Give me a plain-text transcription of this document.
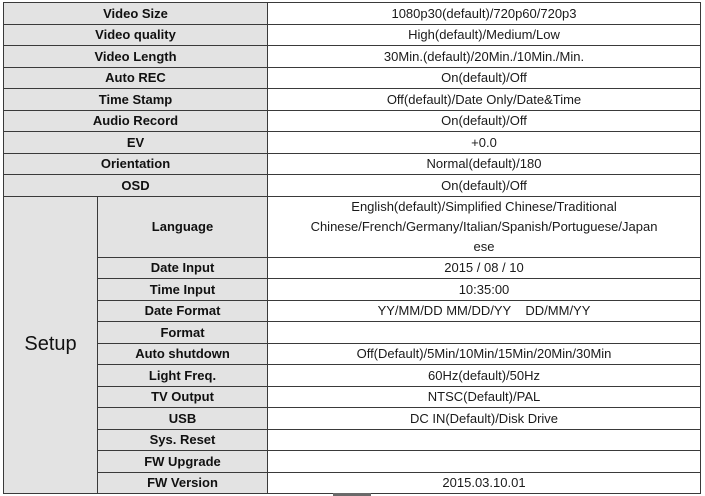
Video Size		1080p30(default)/720p60/720p3
Video quality		High(default)/Medium/Low
Video Length		30Min.(default)/20Min./10Min./Min.
Auto REC		On(default)/Off
Time Stamp		Off(default)/Date Only/Date&Time
Audio Record		On(default)/Off
EV		+0.0
Orientation		Normal(default)/180
OSD		On(default)/Off
Setup	Language	English(default)/Simplified Chinese/Traditional
Chinese/French/Germany/Italian/Spanish/Portuguese/Japan
ese

	Date Input	2015 / 08 / 10
	Time Input	10:35:00
	Date Format	YY/MM/DD MM/DD/YY    DD/MM/YY
	Format	
	Auto shutdown	Off(Default)/5Min/10Min/15Min/20Min/30Min
	Light Freq.	60Hz(default)/50Hz
	TV Output	NTSC(Default)/PAL
	USB	DC IN(Default)/Disk Drive
	Sys. Reset	
	FW Upgrade	
	FW Version	2015.03.10.01
